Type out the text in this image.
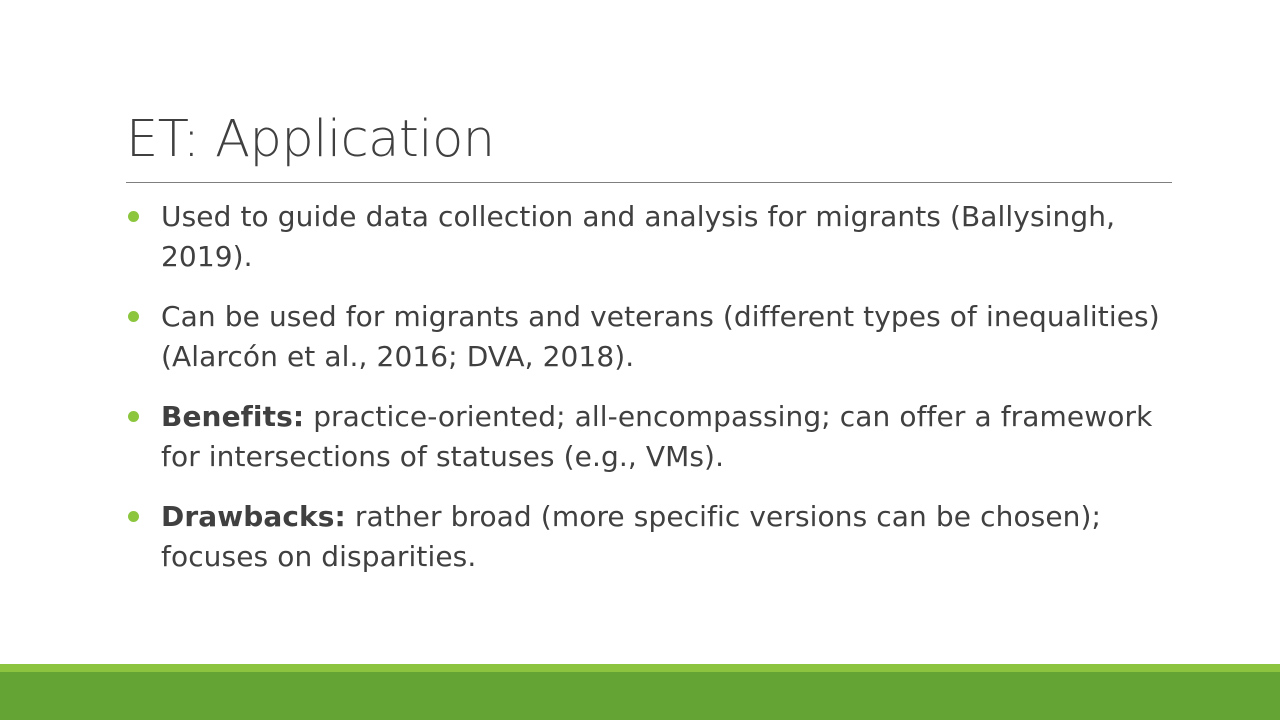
ET: Application
Used to guide data collection and analysis for migrants (Ballysingh, 2019).
Can be used for migrants and veterans (different types of inequalities) (Alarcón et al., 2016; DVA, 2018).
Benefits: practice-oriented; all-encompassing; can offer a framework for intersections of statuses (e.g., VMs).
Drawbacks: rather broad (more specific versions can be chosen); focuses on disparities.
